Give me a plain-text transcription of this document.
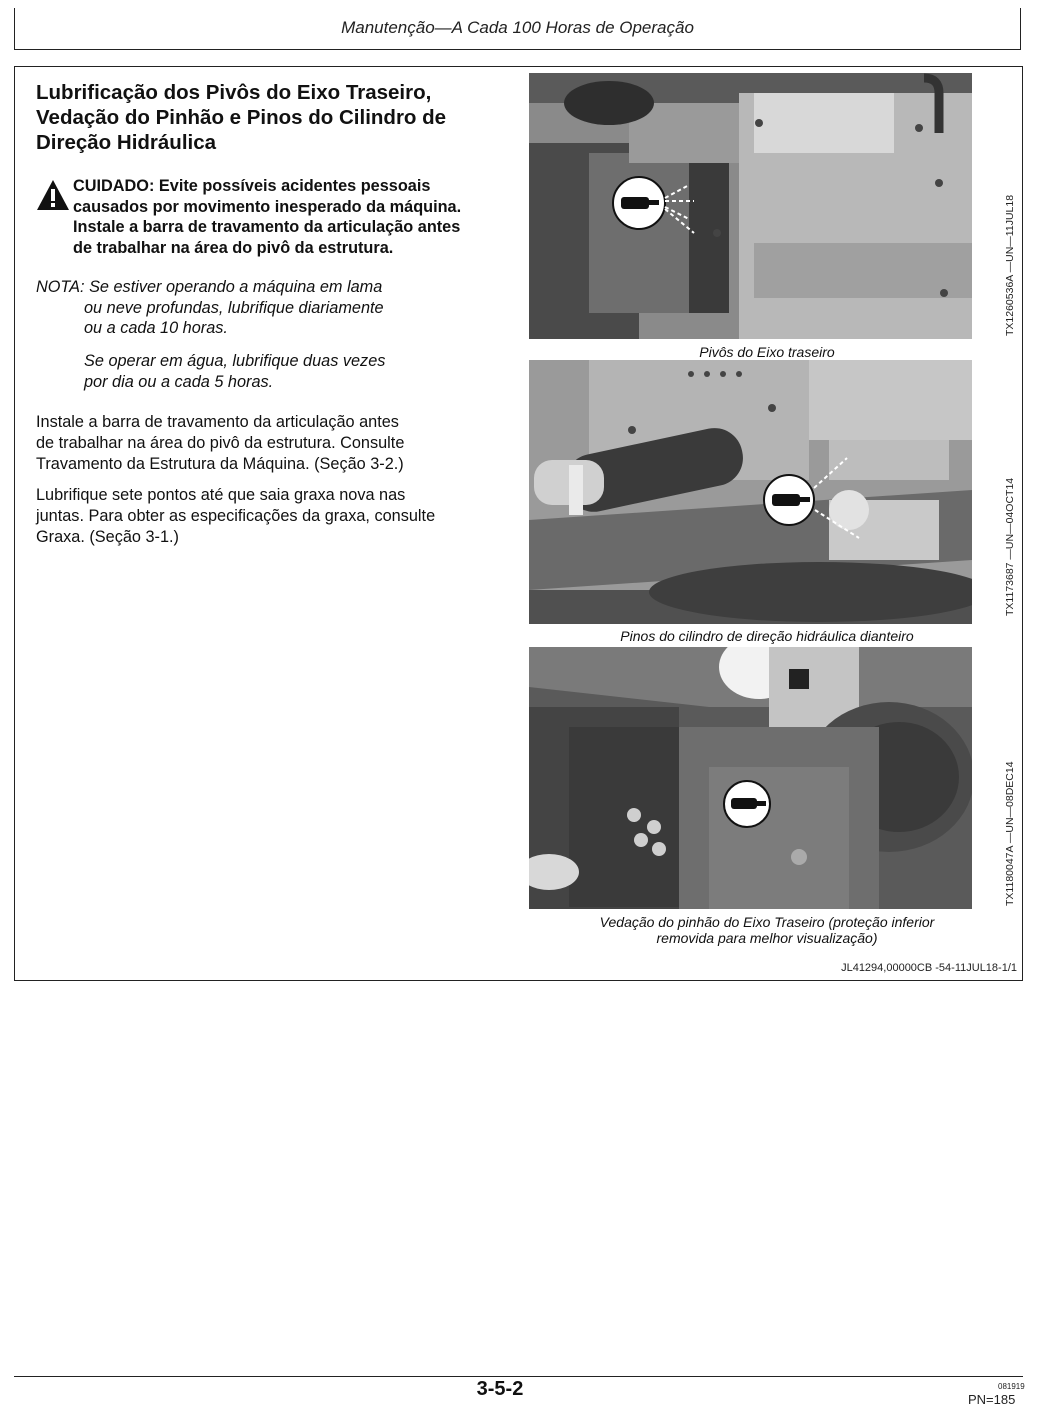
Manutenção—A Cada 100 Horas de Operação
Lubrificação dos Pivôs do Eixo Traseiro,
Vedação do Pinhão e Pinos do Cilindro de
Direção Hidráulica
CUIDADO: Evite possíveis acidentes pessoais
causados por movimento inesperado da máquina.
Instale a barra de travamento da articulação antes
de trabalhar na área do pivô da estrutura.
NOTA: Se estiver operando a máquina em lama
ou neve profundas, lubrifique diariamente
ou a cada 10 horas.
Se operar em água, lubrifique duas vezes
por dia ou a cada 5 horas.
Instale a barra de travamento da articulação antes
de trabalhar na área do pivô da estrutura. Consulte
Travamento da Estrutura da Máquina. (Seção 3-2.)
Lubrifique sete pontos até que saia graxa nova nas
juntas. Para obter as especificações da graxa, consulte
Graxa. (Seção 3-1.)
Pivôs do Eixo traseiro
TX1260536A —UN—11JUL18
Pinos do cilindro de direção hidráulica dianteiro
TX1173687 —UN—04OCT14
Vedação do pinhão do Eixo Traseiro (proteção inferior
removida para melhor visualização)
TX1180047A —UN—08DEC14
JL41294,00000CB -54-11JUL18-1/1
3-5-2	081919
PN=185
